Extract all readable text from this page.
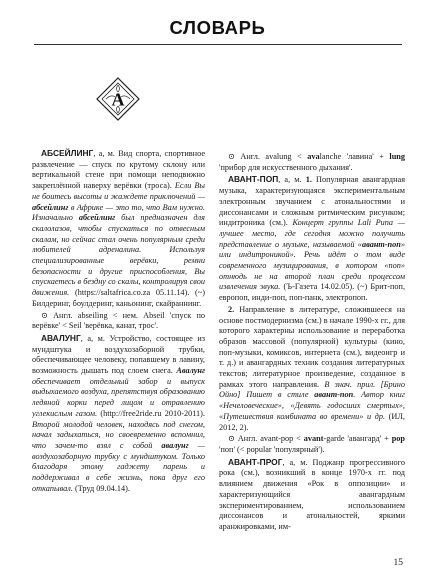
СЛОВАРЬ
А

АБСЕЙЛИНГ, а, м. Вид спорта, спортивное развлечение — спуск по крутому склону или вертикальной стене при помощи неподвижно закреплённой наверху верёвки (троса). Если Вы не боитесь высоты и жаждете приключений — абсейлинг в Африке — это то, что Вам нужно. Изначально абсейлинг был предназначен для скалолазов, чтобы спускаться по отвесным скалам, но сейчас стал очень популярным среди любителей адреналина. Используя специализированные верёвки, ремни безопасности и другие приспособления, Вы спускаетесь в бездну со скалы, контролируя свои движения. (https://saltafrica.co.za 05.11.14). (~) Билдеринг, боулдеринг, каньонинг, скайраннинг.

⊙ Англ. abseiling < нем. Abseil 'спуск по верёвке' < Seil 'верёвка, канат, трос'.

АВАЛУНГ, а, м. Устройство, состоящее из мундштука и воздухозаборной трубки, обеспечивающее человеку, попавшему в лавину, возможность дышать под слоем снега. Авалунг обеспечивает отдельный забор и выпуск выдыхаемого воздуха, препятствуя образованию ледяной корки перед лицом и отравлению углекислым газом. (http://free2ride.ru 2010-2011). Второй молодой человек, находясь под снегом, начал задыхаться, но своевременно вспомнил, что зачем-то взял с собой авалунг — воздухозаборную трубку с мундштуком. Только благодаря этому гаджету парень и поддерживал в себе жизнь, пока друг его откапывал. (Труд 09.04.14).

⊙ Англ. avalung < avalanche 'лавина' + lung 'прибор для искусственного дыхания'.

АВАНТ-ПОП, а, м. 1. Популярная авангардная музыка, характеризующаяся экспериментальным электронным звучанием с атональностями и диссонансами и сложным ритмическим рисунком; индитроника (см.). Концерт группы Lali Puna — лучшее место, где сегодня можно получить представление о музыке, называемой «авант-поп» или индитроникой». Речь идёт о том виде современного музицирования, в котором «поп» отнюдь не на второй план среди процессом извлечения звука. (Ъ-Газета 14.02.05). (~) Брит-поп, европоп, инди-поп, поп-панк, электропоп.

2. Направление в литературе, сложившееся на основе постмодернизма (см.) в начале 1990-х гг., для которого характерны использование и переработка образов массовой (популярной) культуры (кино, поп-музыки, комиксов, интернета (см.), видеоигр и т. д.) и авангардных техник создания литературных текстов; литературное произведение, созданное в рамках этого направления. В знач. прил. [Брино Ойно] Пишет в стиле авант-поп. Автор книг «Нечеловеческие», «Девять годосших смертых», «Путешествия комбината во времени» и др. (ИЛ, 2012, 2).

⊙ Англ. avant-pop < avant-garde 'авангард' + pop 'поп' (< popular 'популярный').

АВАНТ-ПРОГ, а, м. Поджанр прогрессивного рока (см.), возникший в конце 1970-х гг. под влиянием движения «Рок в оппозиции» и характеризующийся авангардным экспериментированием, использованием диссонансов и атональностей, яркими аранжировками, им-

15
